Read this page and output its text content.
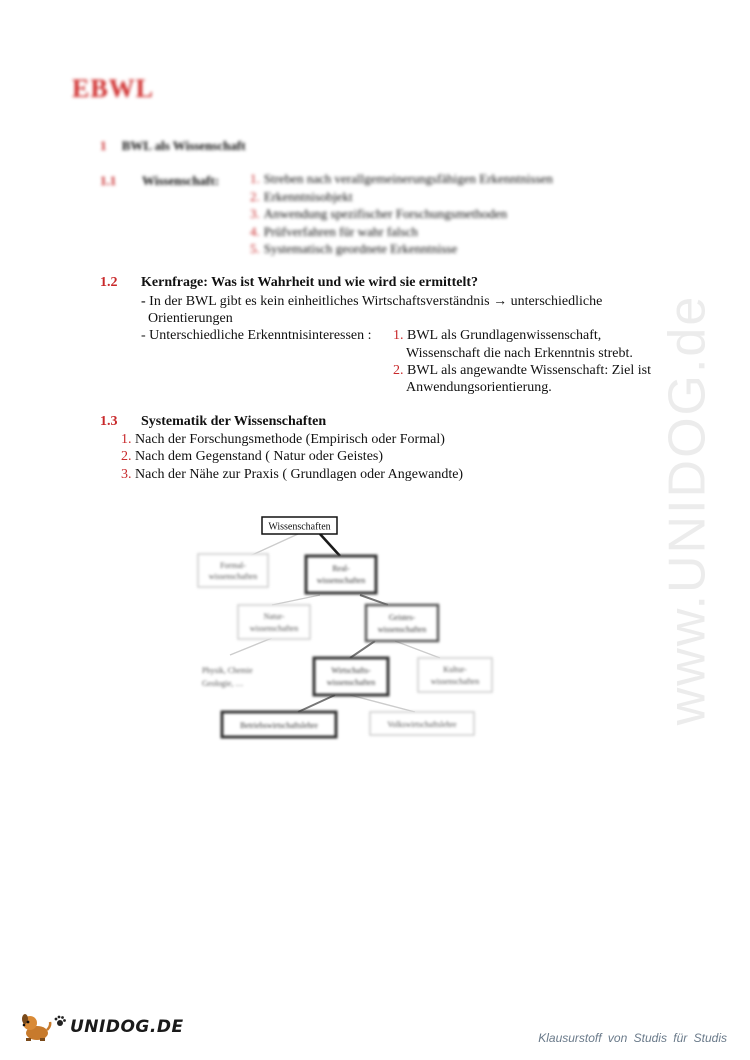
EBWL
1 BWL als Wissenschaft
1.1 Wissenschaft: 1. Streben nach verallgemeinerungsfähigen Erkenntnissen
2. Erkenntnisobjekt
3. Anwendung spezifischer Forschungsmethoden
4. Prüfverfahren für wahr falsch
5. Systematisch geordnete Erkenntnisse
1.2 Kernfrage: Was ist Wahrheit und wie wird sie ermittelt?
- In der BWL gibt es kein einheitliches Wirtschaftsverständnis → unterschiedliche
Orientierungen
- Unterschiedliche Erkenntnisinteressen : 1. BWL als Grundlagenwissenschaft,
Wissenschaft die nach Erkenntnis strebt.
2. BWL als angewandte Wissenschaft: Ziel ist
Anwendungsorientierung.
1.3 Systematik der Wissenschaften
1. Nach der Forschungsmethode (Empirisch oder Formal)
2. Nach dem Gegenstand ( Natur oder Geistes)
3. Nach der Nähe zur Praxis ( Grundlagen oder Angewandte)
Wissenschaften
Formal-
wissenschaften
Real-
wissenschaften
Natur-
wissenschaften
Geistes-
wissenschaften
Physik, Chemie
Geologie, …
Wirtschafts-
wissenschaften
Kultur-
wissenschaften
Betriebswirtschaftslehre	Volkswirtschaftslehre	www.UNIDOG.de
UNIDOG.DE
Klausurstoff von Studis für Studis
